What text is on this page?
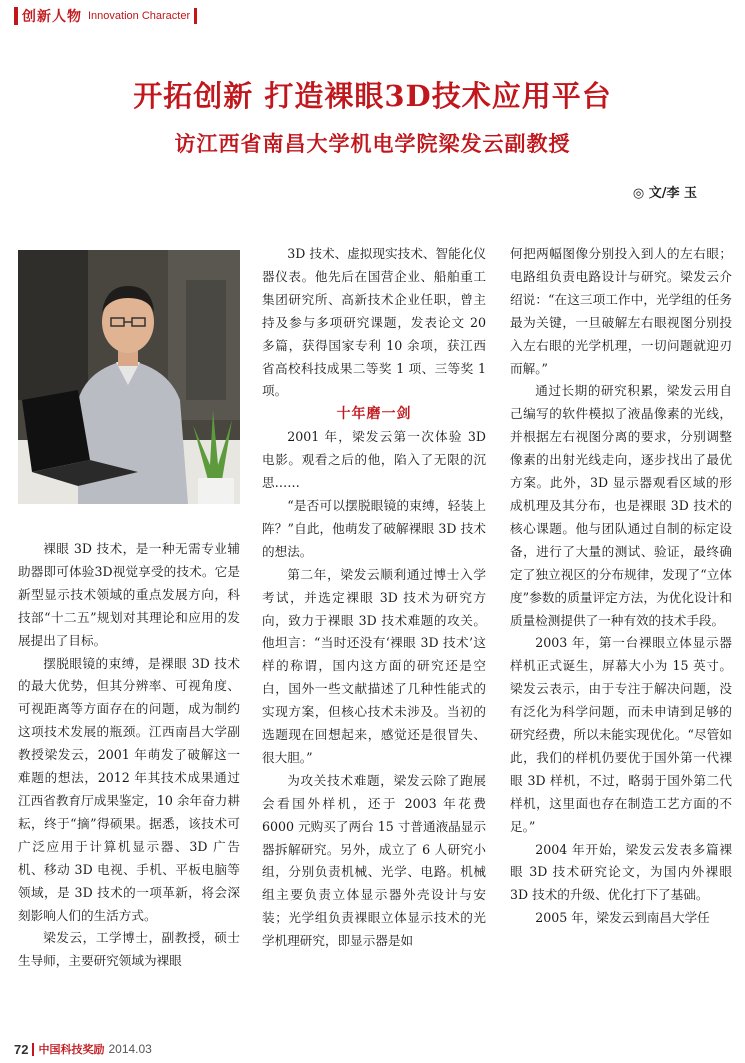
创新人物 Innovation Character
开拓创新 打造裸眼3D技术应用平台
访江西省南昌大学机电学院梁发云副教授
◎ 文/李 玉

裸眼 3D 技术，是一种无需专业辅助器即可体验3D视觉享受的技术。它是新型显示技术领域的重点发展方向，科技部“十二五”规划对其理论和应用的发展提出了目标。

摆脱眼镜的束缚，是裸眼 3D 技术的最大优势，但其分辨率、可视角度、可视距离等方面存在的问题，成为制约这项技术发展的瓶颈。江西南昌大学副教授梁发云，2001 年萌发了破解这一难题的想法，2012 年其技术成果通过江西省教育厅成果鉴定，10 余年奋力耕耘，终于“摘”得硕果。据悉，该技术可广泛应用于计算机显示器、3D 广告机、移动 3D 电视、手机、平板电脑等领域，是 3D 技术的一项革新，将会深刻影响人们的生活方式。

梁发云，工学博士，副教授，硕士生导师，主要研究领域为裸眼

3D 技术、虚拟现实技术、智能化仪器仪表。他先后在国营企业、船舶重工集团研究所、高新技术企业任职，曾主持及参与多项研究课题，发表论文 20 多篇，获得国家专利 10 余项，获江西省高校科技成果二等奖 1 项、三等奖 1 项。

十年磨一剑

2001 年，梁发云第一次体验 3D 电影。观看之后的他，陷入了无限的沉思……

“是否可以摆脱眼镜的束缚，轻装上阵？”自此，他萌发了破解裸眼 3D 技术的想法。

第二年，梁发云顺利通过博士入学考试，并选定裸眼 3D 技术为研究方向，致力于裸眼 3D 技术难题的攻关。他坦言：“当时还没有‘裸眼 3D 技术’这样的称谓，国内这方面的研究还是空白，国外一些文献描述了几种性能式的实现方案，但核心技术未涉及。当初的选题现在回想起来，感觉还是很冒失、很大胆。”

为攻关技术难题，梁发云除了跑展会看国外样机，还于 2003 年花费 6000 元购买了两台 15 寸普通液晶显示器拆解研究。另外，成立了 6 人研究小组，分别负责机械、光学、电路。机械组主要负责立体显示器外壳设计与安装；光学组负责裸眼立体显示技术的光学机理研究，即显示器是如

何把两幅图像分别投入到人的左右眼；电路组负责电路设计与研究。梁发云介绍说：“在这三项工作中，光学组的任务最为关键，一旦破解左右眼视图分别投入左右眼的光学机理，一切问题就迎刃而解。”

通过长期的研究积累，梁发云用自己编写的软件模拟了液晶像素的光线，并根据左右视图分离的要求，分别调整像素的出射光线走向，逐步找出了最优方案。此外，3D 显示器观看区域的形成机理及其分布，也是裸眼 3D 技术的核心课题。他与团队通过自制的标定设备，进行了大量的测试、验证，最终确定了独立视区的分布规律，发现了“立体度”参数的质量评定方法，为优化设计和质量检测提供了一种有效的技术手段。

2003 年，第一台裸眼立体显示器样机正式诞生，屏幕大小为 15 英寸。梁发云表示，由于专注于解决问题，没有泛化为科学问题，而未申请到足够的研究经费，所以未能实现优化。“尽管如此，我们的样机仍要优于国外第一代裸眼 3D 样机，不过，略弱于国外第二代样机，这里面也存在制造工艺方面的不足。”

2004 年开始，梁发云发表多篇裸眼 3D 技术研究论文，为国内外裸眼 3D 技术的升级、优化打下了基础。

2005 年，梁发云到南昌大学任

72 中国科技奖励 2014.03
